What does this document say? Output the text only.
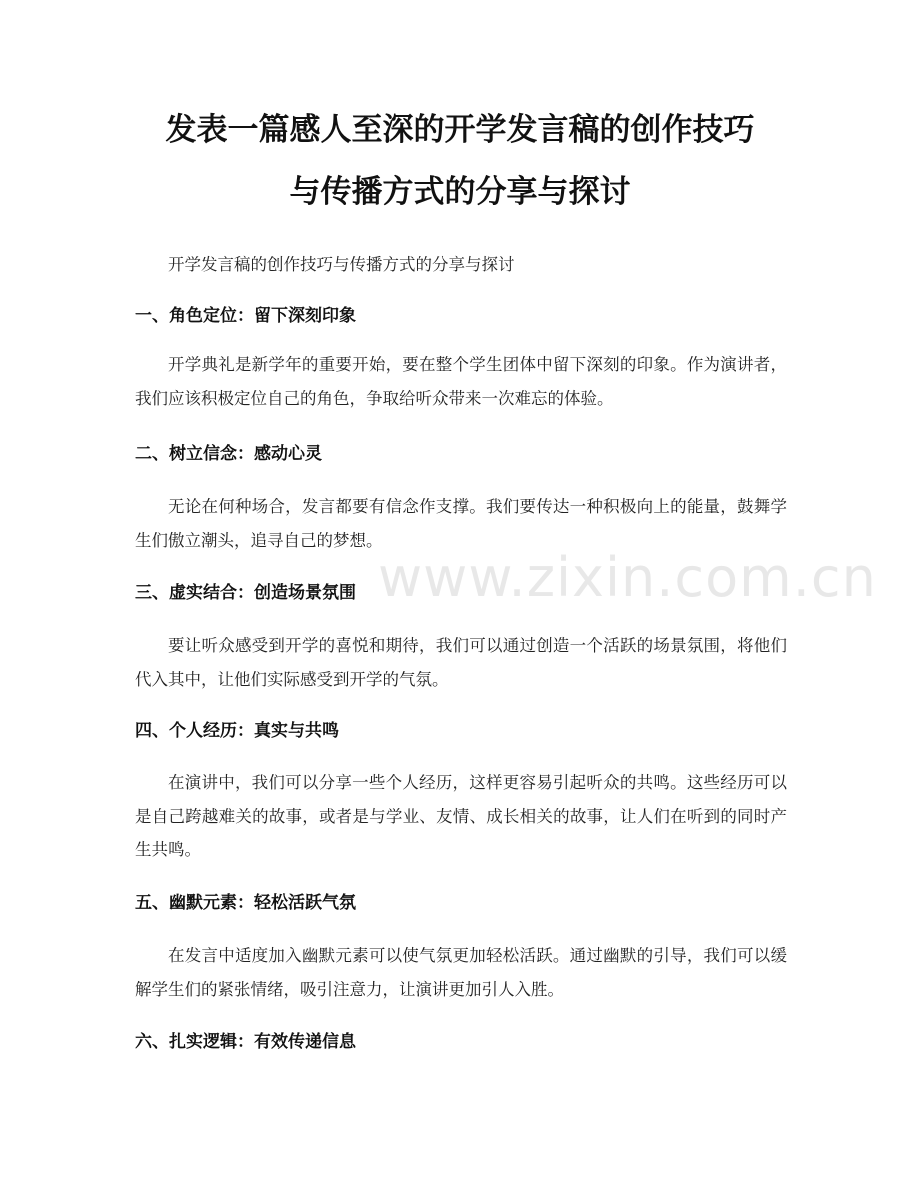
发表一篇感人至深的开学发言稿的创作技巧
与传播方式的分享与探讨
开学发言稿的创作技巧与传播方式的分享与探讨
一、角色定位：留下深刻印象

开学典礼是新学年的重要开始，要在整个学生团体中留下深刻的印象。作为演讲者，我们应该积极定位自己的角色，争取给听众带来一次难忘的体验。

二、树立信念：感动心灵

无论在何种场合，发言都要有信念作支撑。我们要传达一种积极向上的能量，鼓舞学生们傲立潮头，追寻自己的梦想。

三、虚实结合：创造场景氛围

要让听众感受到开学的喜悦和期待，我们可以通过创造一个活跃的场景氛围，将他们代入其中，让他们实际感受到开学的气氛。

四、个人经历：真实与共鸣

在演讲中，我们可以分享一些个人经历，这样更容易引起听众的共鸣。这些经历可以是自己跨越难关的故事，或者是与学业、友情、成长相关的故事，让人们在听到的同时产生共鸣。

五、幽默元素：轻松活跃气氛

在发言中适度加入幽默元素可以使气氛更加轻松活跃。通过幽默的引导，我们可以缓解学生们的紧张情绪，吸引注意力，让演讲更加引人入胜。

六、扎实逻辑：有效传递信息
www.zixin.com.cn
